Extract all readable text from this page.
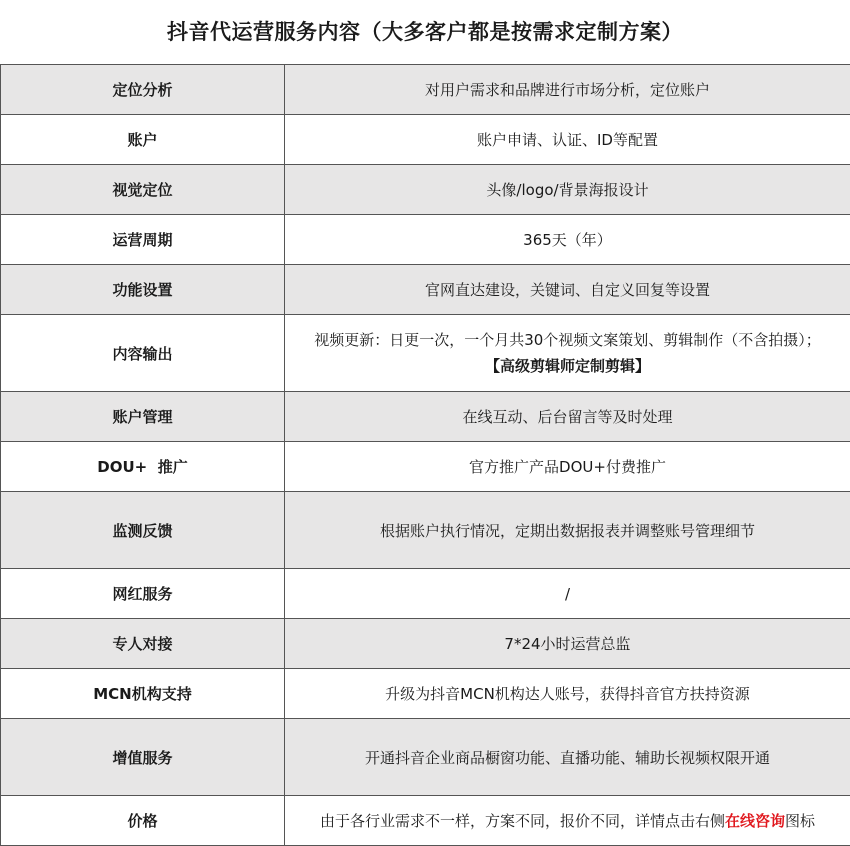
抖音代运营服务内容（大多客户都是按需求定制方案）
定位分析	对用户需求和品牌进行市场分析，定位账户
账户	账户申请、认证、ID等配置
视觉定位	头像/logo/背景海报设计
运营周期	365天（年）
功能设置	官网直达建设，关键词、自定义回复等设置
内容输出	视频更新：日更一次，一个月共30个视频文案策划、剪辑制作（不含拍摄）；
【高级剪辑师定制剪辑】

账户管理	在线互动、后台留言等及时处理
DOU+  推广	官方推广产品DOU+付费推广
监测反馈	根据账户执行情况，定期出数据报表并调整账号管理细节
网红服务	/
专人对接	7*24小时运营总监
MCN机构支持	升级为抖音MCN机构达人账号，获得抖音官方扶持资源
增值服务	开通抖音企业商品橱窗功能、直播功能、辅助长视频权限开通
价格	由于各行业需求不一样，方案不同，报价不同，详情点击右侧在线咨询图标
